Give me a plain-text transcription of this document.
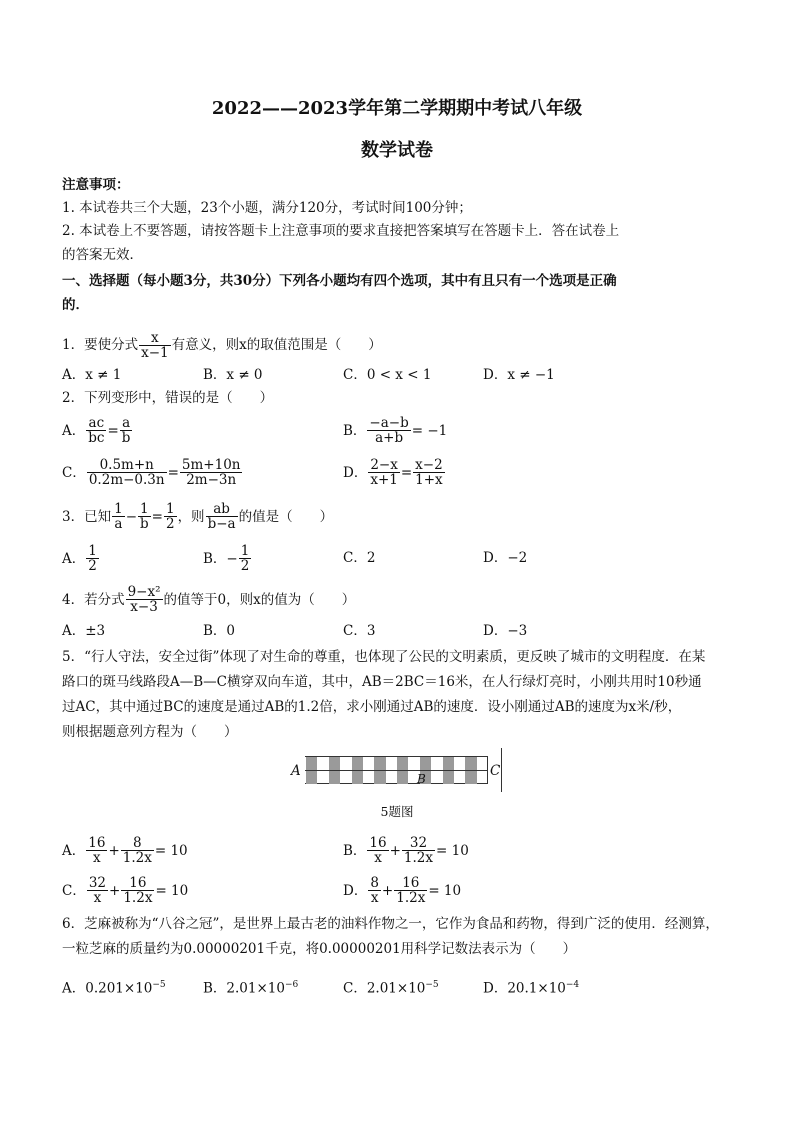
2022——2023学年第二学期期中考试八年级
数学试卷
注意事项：
1. 本试卷共三个大题，23个小题，满分120分，考试时间100分钟；
2. 本试卷上不要答题，请按答题卡上注意事项的要求直接把答案填写在答题卡上．答在试卷上
的答案无效．
一、选择题（每小题3分，共30分）下列各小题均有四个选项，其中有且只有一个选项是正确
的．
1．要使分式 $\frac{x}{x-1}$ 有意义，则x的取值范围是（　　）
A．x ≠ 1	B．x ≠ 0	C．0 < x < 1	D．x ≠ −1
2．下列变形中，错误的是（　　）
A． $\frac{ac}{bc} = \frac{a}{b}$	B． $\frac{-a-b}{a+b} = -1$
C． $\frac{0.5m+n}{0.2m-0.3n} = \frac{5m+10n}{2m-3n}$	D． $\frac{2-x}{x+1} = \frac{x-2}{1+x}$
3．已知 $\frac{1}{a} - \frac{1}{b} = \frac{1}{2}$ ，则 $\frac{ab}{b-a}$ 的值是（　　）
A． $\frac{1}{2}$	B．− $\frac{1}{2}$	C．2	D．−2
4．若分式 $\frac{\text{9−x²}}{x-3}$ 的值等于0，则x的值为（　　）
A．±3	B．0	C．3	D．−3
5．“行人守法，安全过街”体现了对生命的尊重，也体现了公民的文明素质，更反映了城市的文明程度．在某
路口的斑马线路段A—B—C横穿双向车道，其中，AB＝2BC＝16米，在人行绿灯亮时，小刚共用时10秒通
过AC，其中通过BC的速度是通过AB的1.2倍，求小刚通过AB的速度．设小刚通过AB的速度为x米/秒，
则根据题意列方程为（　　）
A	B	C
5题图
A． $\frac{16}{x} + \frac{8}{1.2x} = 10$	B． $\frac{16}{x} + \frac{32}{1.2x} = 10$
C． $\frac{32}{x} + \frac{16}{1.2x} = 10$	D． $\frac{8}{x} + \frac{16}{1.2x} = 10$
6．芝麻被称为“八谷之冠”，是世界上最古老的油料作物之一，它作为食品和药物，得到广泛的使用．经测算，
一粒芝麻的质量约为0.00000201千克，将0.00000201用科学记数法表示为（　　）
A．$0.201\times 10^{-5}$	B．$2.01\times 10^{-6}$	C．$2.01\times 10^{-5}$	D．$20.1\times 10^{-4}$
